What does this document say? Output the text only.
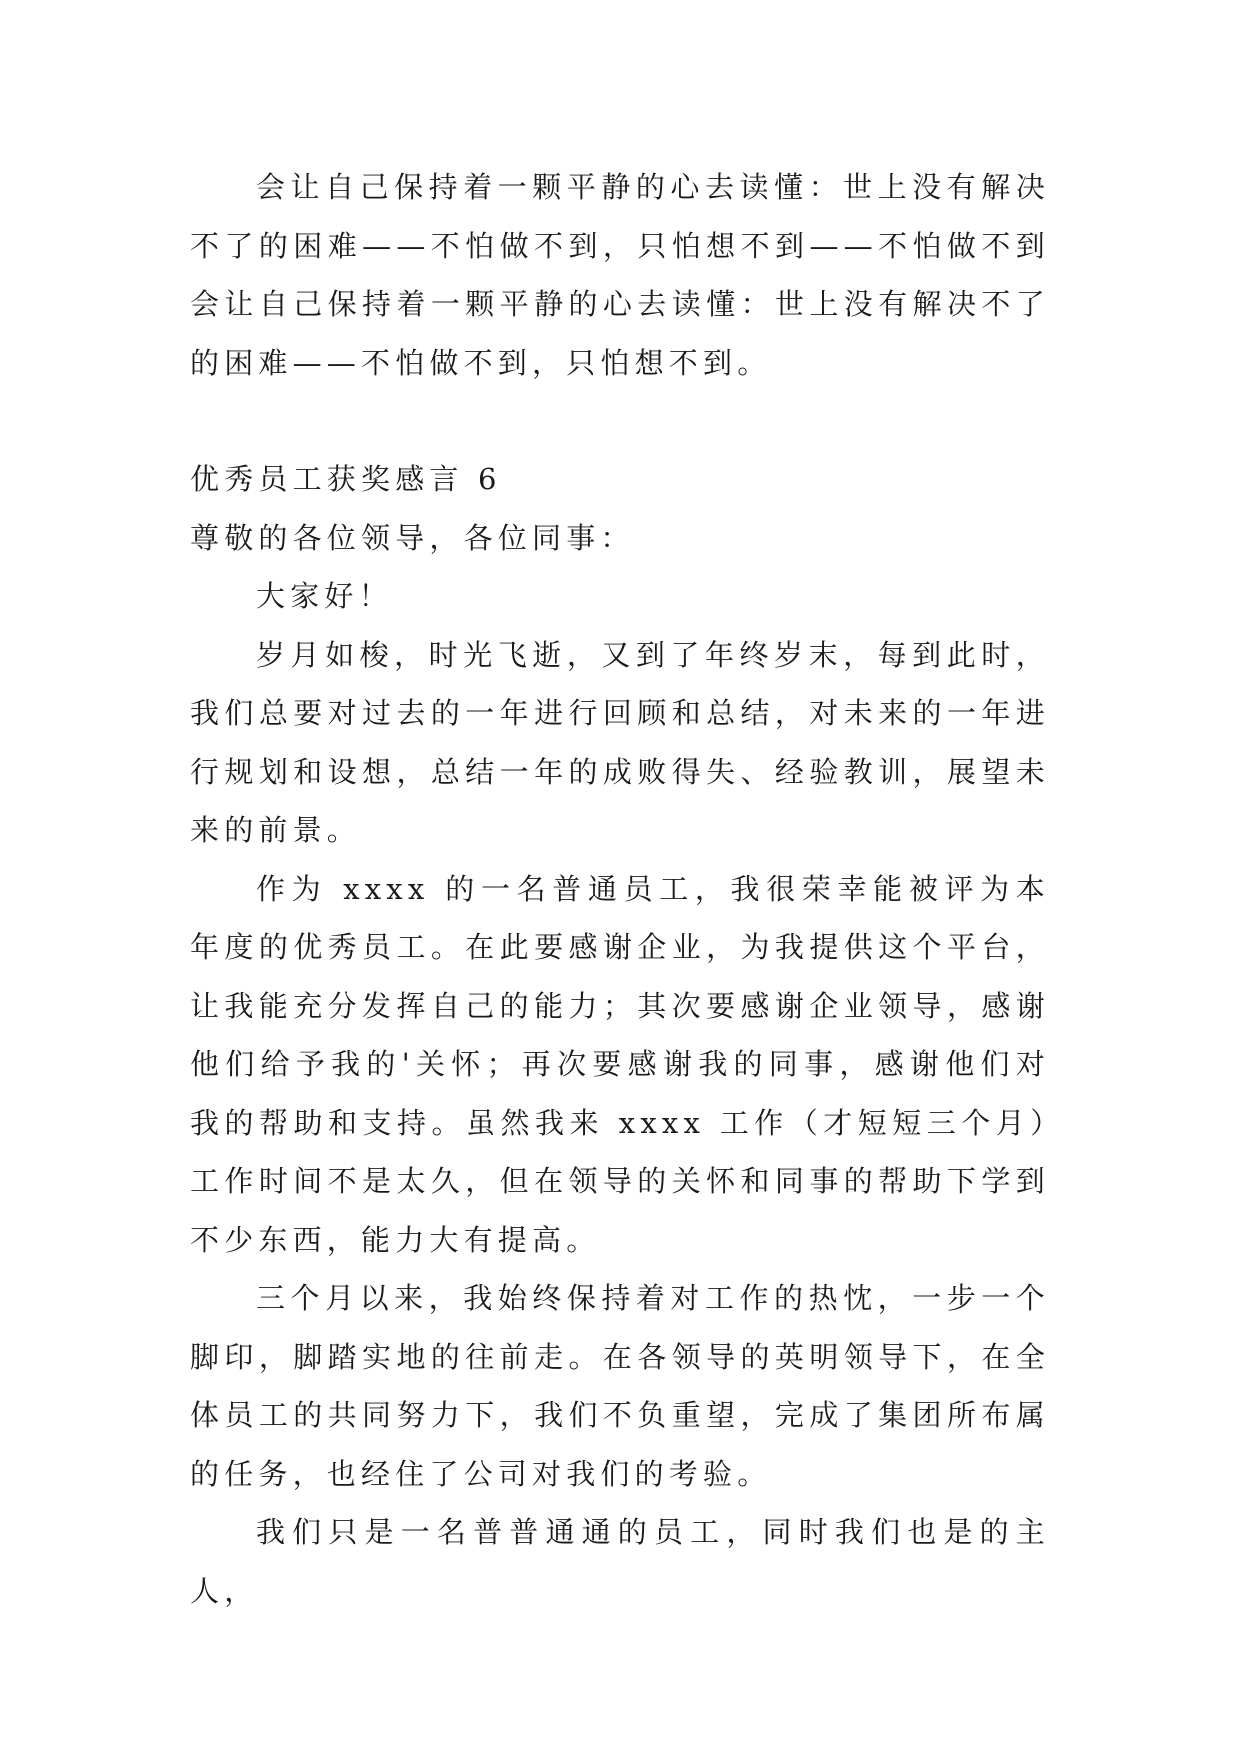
会让自己保持着一颗平静的心去读懂：世上没有解决不了的困难——不怕做不到，只怕想不到——不怕做不到会让自己保持着一颗平静的心去读懂：世上没有解决不了的困难——不怕做不到，只怕想不到。

优秀员工获奖感言 6

尊敬的各位领导，各位同事：

大家好！

岁月如梭，时光飞逝，又到了年终岁末，每到此时，我们总要对过去的一年进行回顾和总结，对未来的一年进行规划和设想，总结一年的成败得失、经验教训，展望未来的前景。

作为 xxxx 的一名普通员工，我很荣幸能被评为本年度的优秀员工。在此要感谢企业，为我提供这个平台，让我能充分发挥自己的能力；其次要感谢企业领导，感谢他们给予我的'关怀；再次要感谢我的同事，感谢他们对我的帮助和支持。虽然我来 xxxx 工作（才短短三个月）工作时间不是太久，但在领导的关怀和同事的帮助下学到不少东西，能力大有提高。

三个月以来，我始终保持着对工作的热忱，一步一个脚印，脚踏实地的往前走。在各领导的英明领导下，在全体员工的共同努力下，我们不负重望，完成了集团所布属的任务，也经住了公司对我们的考验。

我们只是一名普普通通的员工，同时我们也是的主人，
